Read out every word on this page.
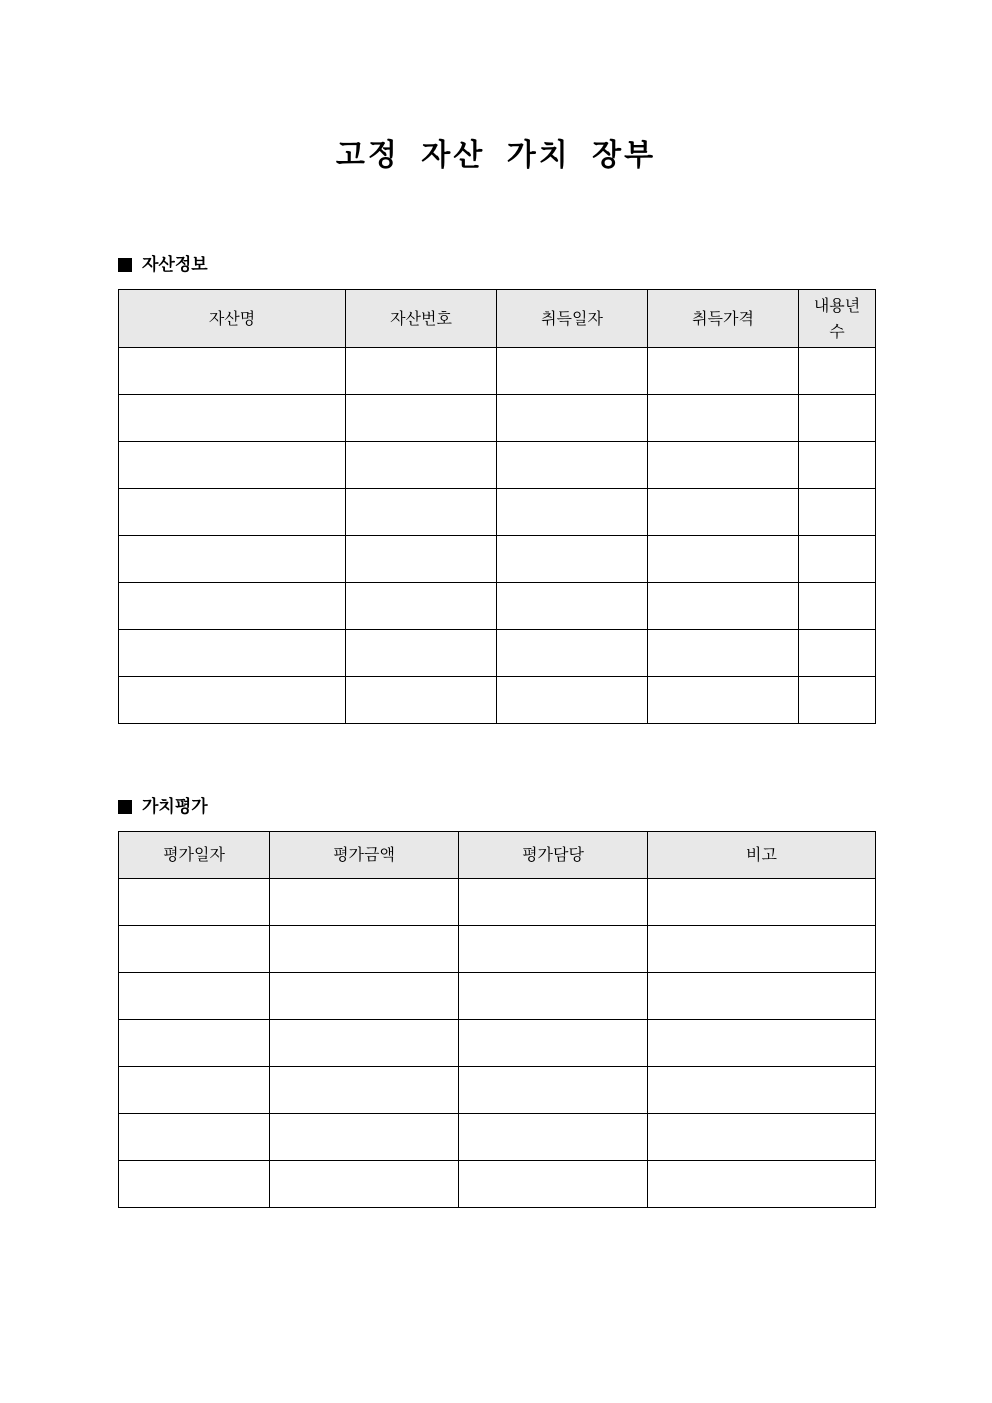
고정 자산 가치 장부
자산정보
자산명	자산번호	취득일자	취득가격	내용년수

가치평가
평가일자	평가금액	평가담당	비고
